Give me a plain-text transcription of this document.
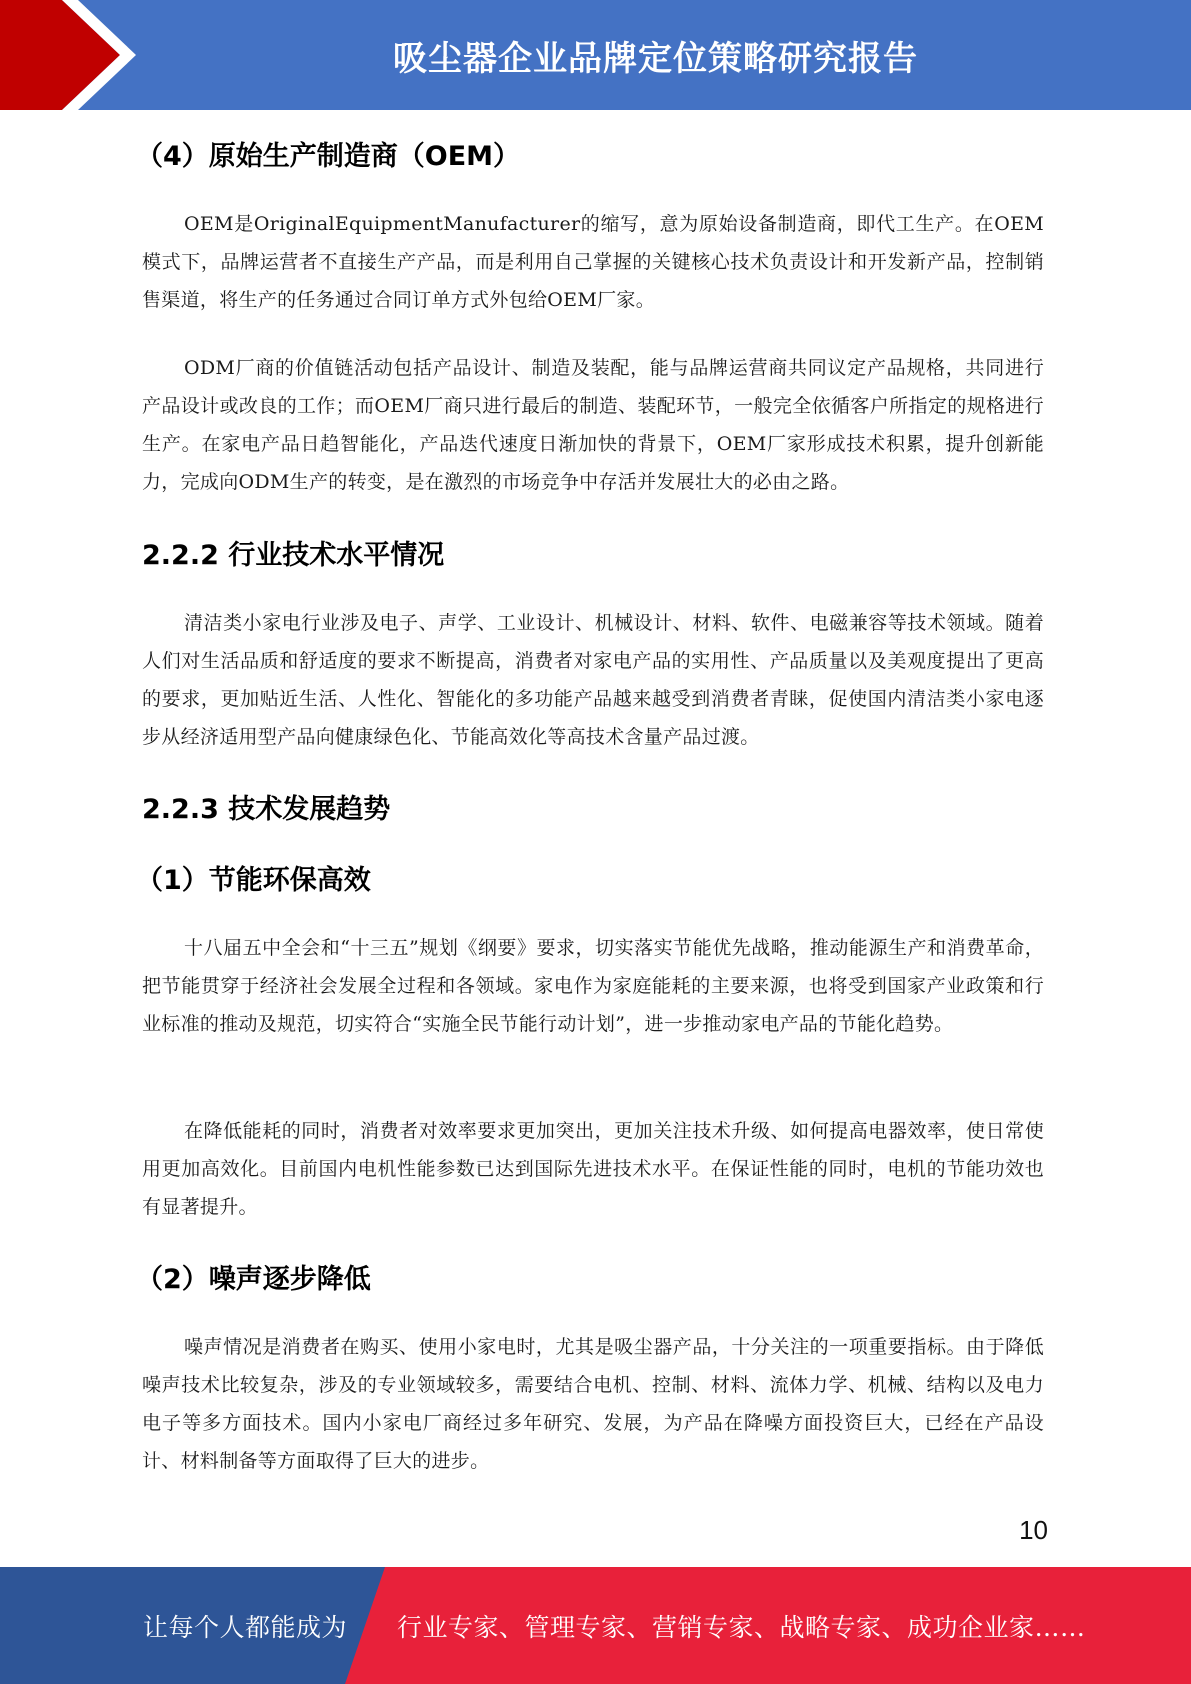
吸尘器企业品牌定位策略研究报告
（4）原始生产制造商（OEM）

OEM是OriginalEquipmentManufacturer的缩写，意为原始设备制造商，即代工生产。在OEM模式下，品牌运营者不直接生产产品，而是利用自己掌握的关键核心技术负责设计和开发新产品，控制销售渠道，将生产的任务通过合同订单方式外包给OEM厂家。

ODM厂商的价值链活动包括产品设计、制造及装配，能与品牌运营商共同议定产品规格，共同进行产品设计或改良的工作；而OEM厂商只进行最后的制造、装配环节，一般完全依循客户所指定的规格进行生产。在家电产品日趋智能化，产品迭代速度日渐加快的背景下，OEM厂家形成技术积累，提升创新能力，完成向ODM生产的转变，是在激烈的市场竞争中存活并发展壮大的必由之路。

2.2.2 行业技术水平情况

清洁类小家电行业涉及电子、声学、工业设计、机械设计、材料、软件、电磁兼容等技术领域。随着人们对生活品质和舒适度的要求不断提高，消费者对家电产品的实用性、产品质量以及美观度提出了更高的要求，更加贴近生活、人性化、智能化的多功能产品越来越受到消费者青睐，促使国内清洁类小家电逐步从经济适用型产品向健康绿色化、节能高效化等高技术含量产品过渡。

2.2.3 技术发展趋势
（1）节能环保高效

十八届五中全会和“十三五”规划《纲要》要求，切实落实节能优先战略，推动能源生产和消费革命，把节能贯穿于经济社会发展全过程和各领域。家电作为家庭能耗的主要来源，也将受到国家产业政策和行业标准的推动及规范，切实符合“实施全民节能行动计划”，进一步推动家电产品的节能化趋势。

在降低能耗的同时，消费者对效率要求更加突出，更加关注技术升级、如何提高电器效率，使日常使用更加高效化。目前国内电机性能参数已达到国际先进技术水平。在保证性能的同时，电机的节能功效也有显著提升。

（2）噪声逐步降低

噪声情况是消费者在购买、使用小家电时，尤其是吸尘器产品，十分关注的一项重要指标。由于降低噪声技术比较复杂，涉及的专业领域较多，需要结合电机、控制、材料、流体力学、机械、结构以及电力电子等多方面技术。国内小家电厂商经过多年研究、发展，为产品在降噪方面投资巨大，已经在产品设计、材料制备等方面取得了巨大的进步。

10
让每个人都能成为 行业专家、管理专家、营销专家、战略专家、成功企业家……
